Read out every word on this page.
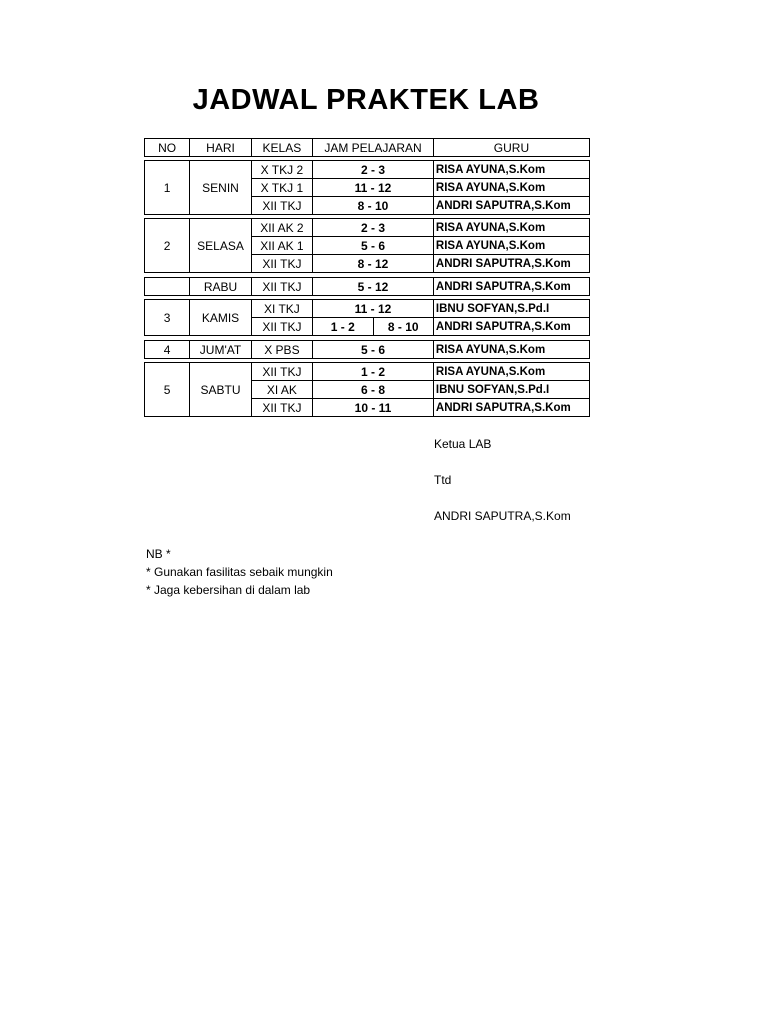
JADWAL PRAKTEK LAB
NO	HARI	KELAS	JAM PELAJARAN	GURU
1	SENIN	X TKJ 2	2 - 3	RISA AYUNA,S.Kom
		X TKJ 1	11 - 12	RISA AYUNA,S.Kom
		XII TKJ	8 - 10	ANDRI SAPUTRA,S.Kom
2	SELASA	XII AK 2	2 - 3	RISA AYUNA,S.Kom
		XII AK 1	5 - 6	RISA AYUNA,S.Kom
		XII TKJ	8 - 12	ANDRI SAPUTRA,S.Kom
	RABU	XII TKJ	5 - 12	ANDRI SAPUTRA,S.Kom
3	KAMIS	XI TKJ	11 - 12		IBNU SOFYAN,S.Pd.I
		XII TKJ	1 - 2	8 - 10	ANDRI SAPUTRA,S.Kom
4	JUM'AT	X PBS	5 - 6	RISA AYUNA,S.Kom
5	SABTU	XII TKJ	1 - 2	RISA AYUNA,S.Kom
		XI AK	6 - 8	IBNU SOFYAN,S.Pd.I
		XII TKJ	10 - 11	ANDRI SAPUTRA,S.Kom
Ketua LAB
Ttd
ANDRI SAPUTRA,S.Kom
NB *
* Gunakan fasilitas sebaik mungkin
* Jaga kebersihan di dalam lab
